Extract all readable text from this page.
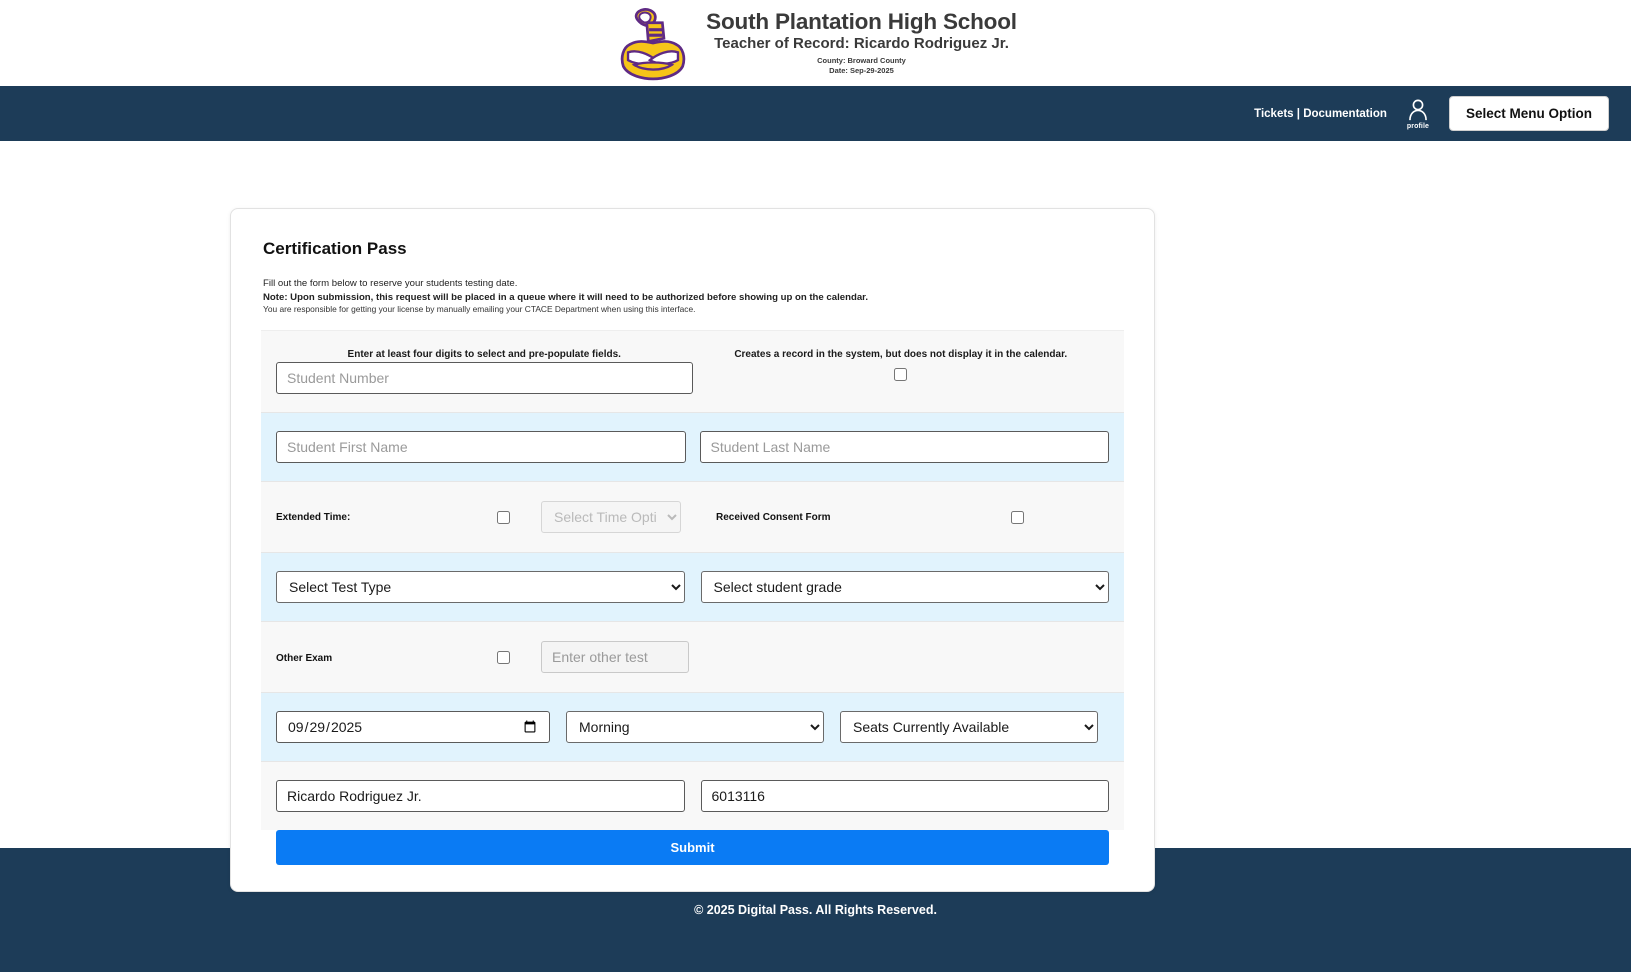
South Plantation High School
Teacher of Record: Ricardo Rodriguez Jr.
County: Broward County
Date: Sep-29-2025
Tickets | Documentation
profile
Select Menu Option
Certification Pass
Fill out the form below to reserve your students testing date.
Note: Upon submission, this request will be placed in a queue where it will need to be authorized before showing up on the calendar.
You are responsible for getting your license by manually emailing your CTACE Department when using this interface.
Enter at least four digits to select and pre-populate fields.	Creates a record in the system, but does not display it in the calendar.
Student Number
Student First Name
Student Last Name
Extended Time:
Select Time Option	Received Consent Form
Select Test Type
Select student grade
Other Exam
Enter other test
2025-09-29
Morning
Seats Currently Available
Ricardo Rodriguez Jr.
6013116
Submit
© 2025 Digital Pass. All Rights Reserved.
